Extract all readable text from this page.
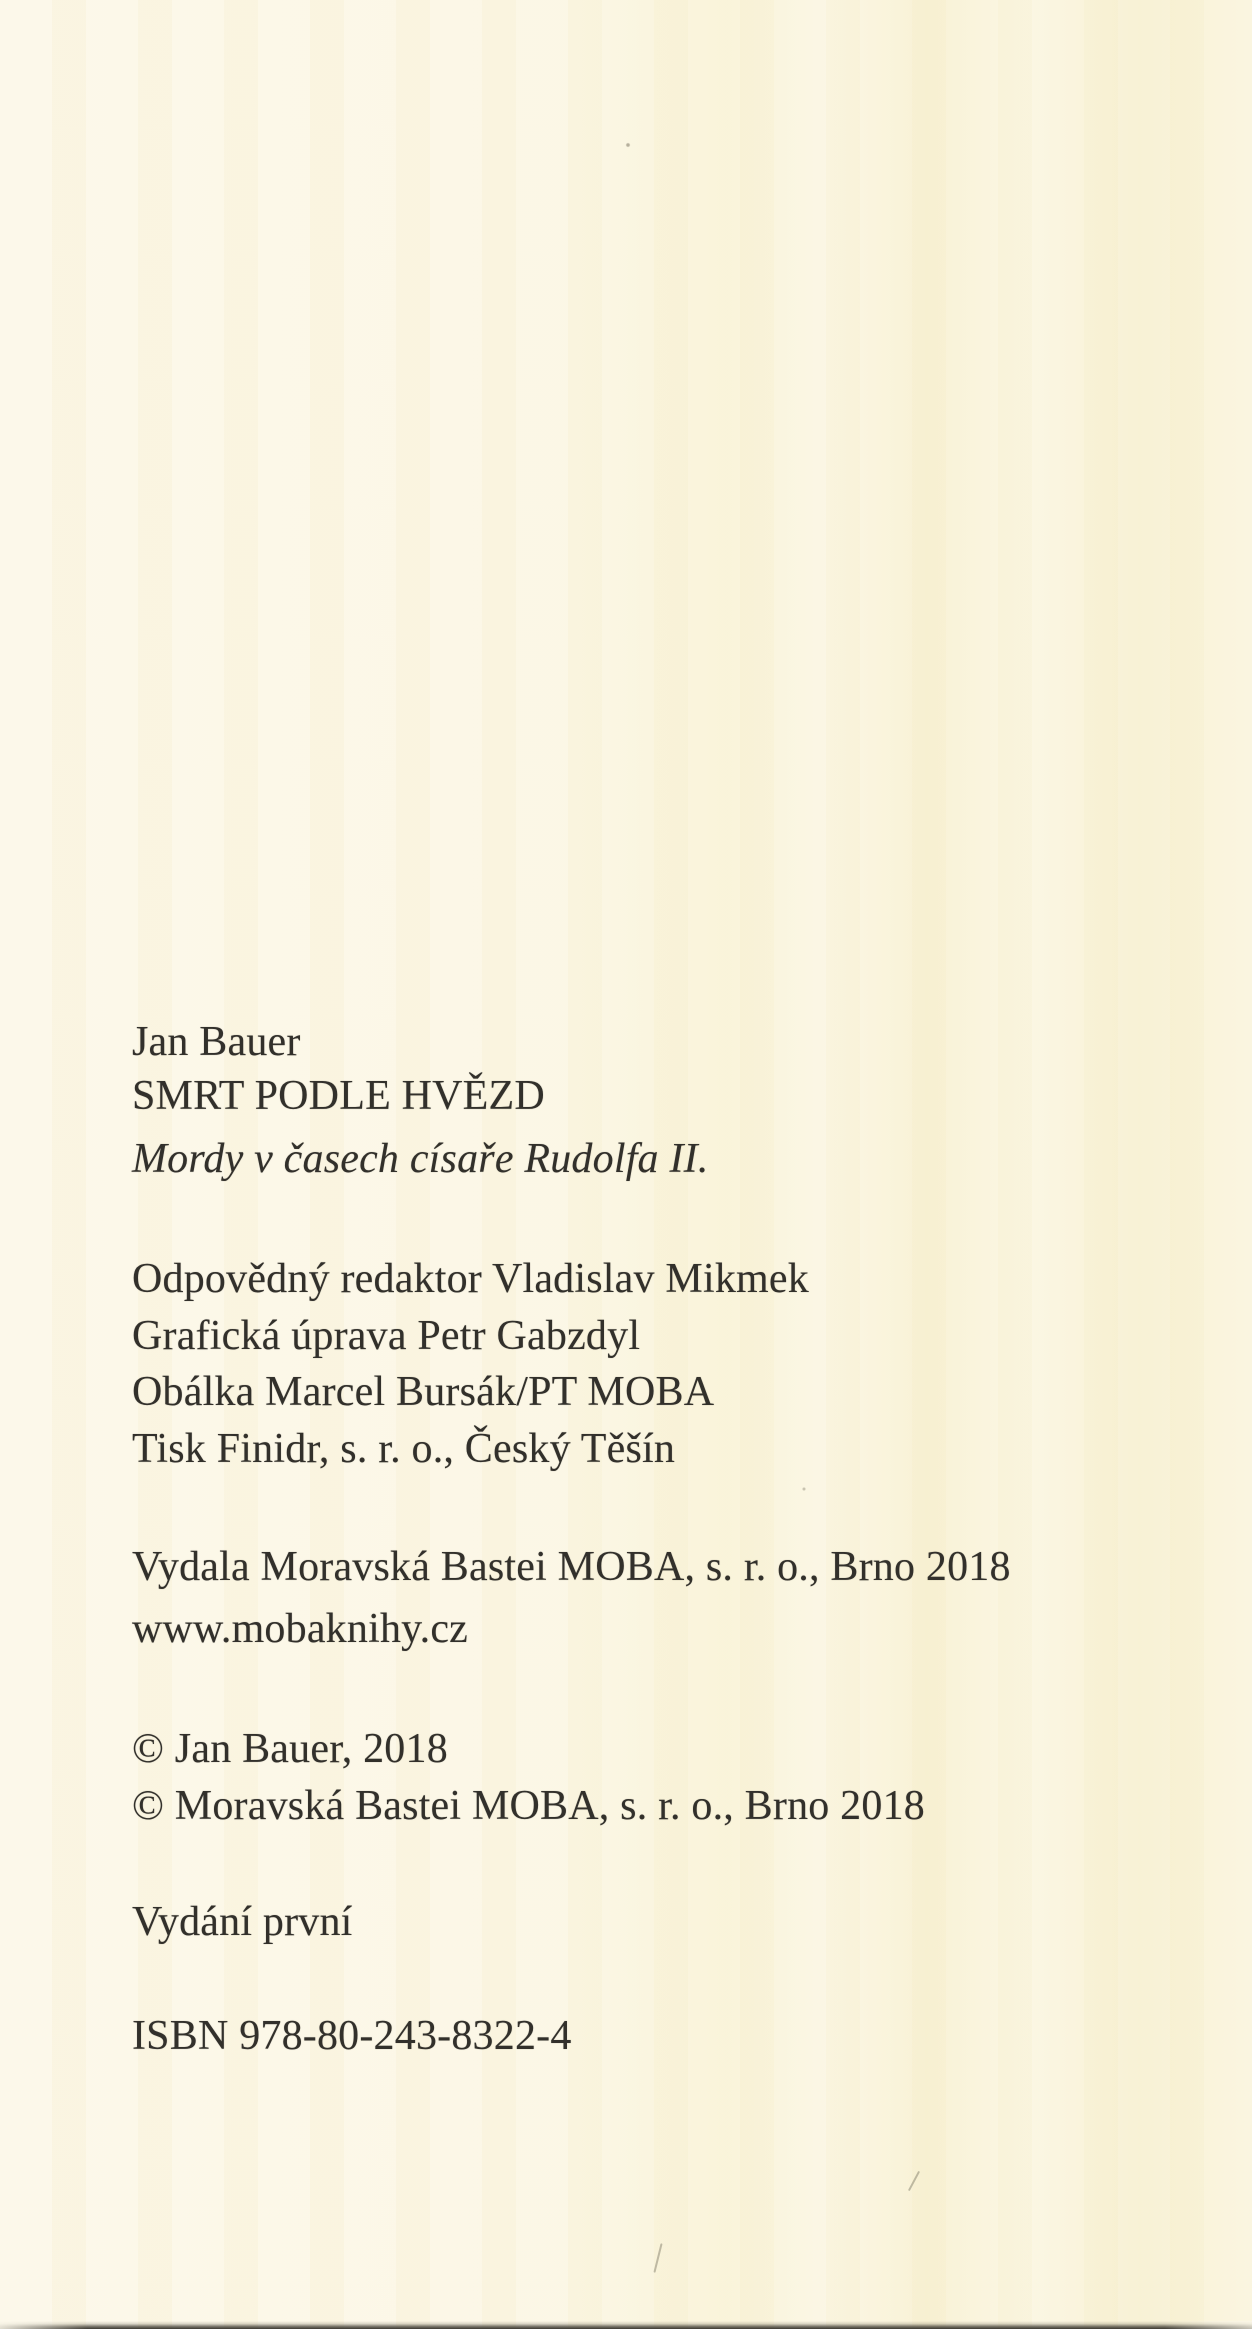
Jan Bauer
SMRT PODLE HVĚZD
Mordy v časech císaře Rudolfa II.
Odpovědný redaktor Vladislav Mikmek
Grafická úprava Petr Gabzdyl
Obálka Marcel Bursák/PT MOBA
Tisk Finidr, s. r. o., Český Těšín
Vydala Moravská Bastei MOBA, s. r. o., Brno 2018
www.mobaknihy.cz
© Jan Bauer, 2018
© Moravská Bastei MOBA, s. r. o., Brno 2018
Vydání první
ISBN 978-80-243-8322-4
